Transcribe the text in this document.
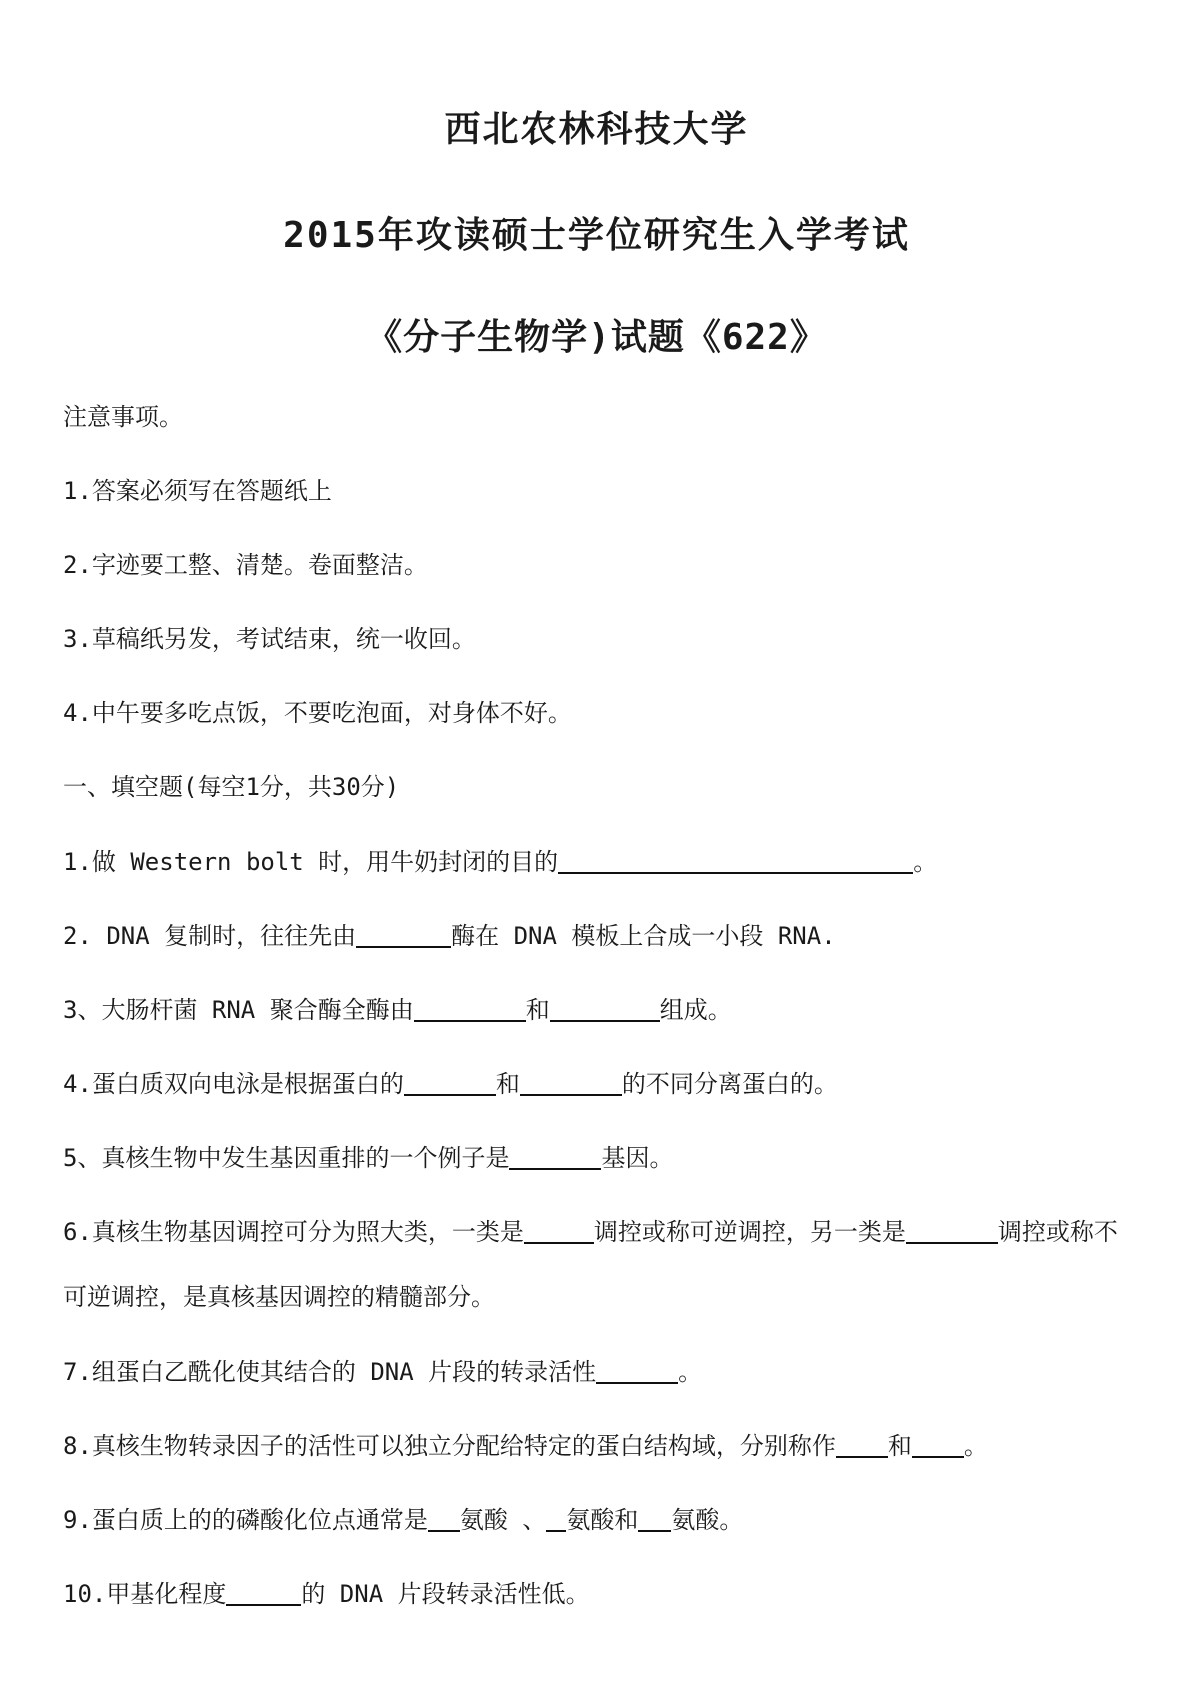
西北农林科技大学
2015年攻读硕士学位研究生入学考试
《分子生物学)试题《622》
注意事项。
1.答案必须写在答题纸上
2.字迹要工整、清楚。卷面整洁。
3.草稿纸另发，考试结束，统一收回。
4.中午要多吃点饭，不要吃泡面，对身体不好。
一、填空题(每空1分，共30分)
1.做 Western bolt 时，用牛奶封闭的目的	。
2. DNA 复制时，往往先由	酶在 DNA 模板上合成一小段 RNA.
3、大肠杆菌 RNA 聚合酶全酶由	和	组成。
4.蛋白质双向电泳是根据蛋白的	和	的不同分离蛋白的。
5、真核生物中发生基因重排的一个例子是	基因。
6.真核生物基因调控可分为照大类，一类是	调控或称可逆调控，另一类是	调控或称不
可逆调控，是真核基因调控的精髓部分。
7.组蛋白乙酰化使其结合的 DNA 片段的转录活性	。
8.真核生物转录因子的活性可以独立分配给特定的蛋白结构域，分别称作 和 。
9.蛋白质上的的磷酸化位点通常是 氨酸 、 氨酸和 氨酸。
10.甲基化程度	的 DNA 片段转录活性低。
